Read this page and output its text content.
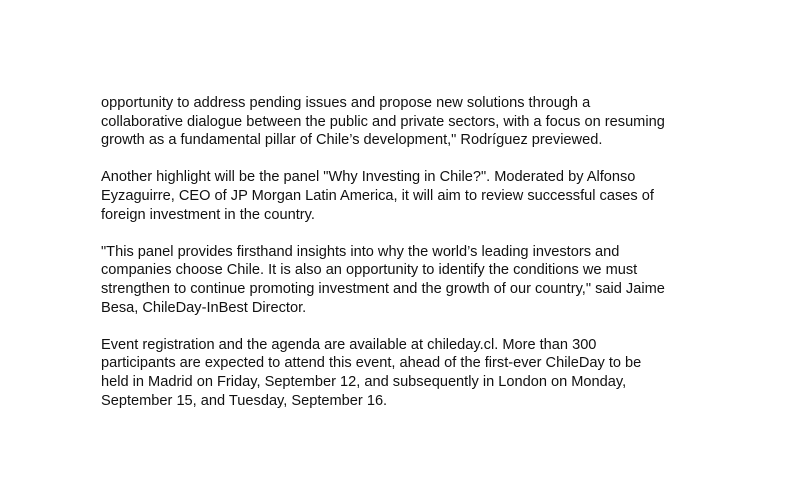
opportunity to address pending issues and propose new solutions through a
collaborative dialogue between the public and private sectors, with a focus on resuming
growth as a fundamental pillar of Chile’s development," Rodríguez previewed.

Another highlight will be the panel "Why Investing in Chile?". Moderated by Alfonso
Eyzaguirre, CEO of JP Morgan Latin America, it will aim to review successful cases of
foreign investment in the country.

"This panel provides firsthand insights into why the world’s leading investors and
companies choose Chile. It is also an opportunity to identify the conditions we must
strengthen to continue promoting investment and the growth of our country," said Jaime
Besa, ChileDay-InBest Director.

Event registration and the agenda are available at chileday.cl. More than 300
participants are expected to attend this event, ahead of the first-ever ChileDay to be
held in Madrid on Friday, September 12, and subsequently in London on Monday,
September 15, and Tuesday, September 16.
